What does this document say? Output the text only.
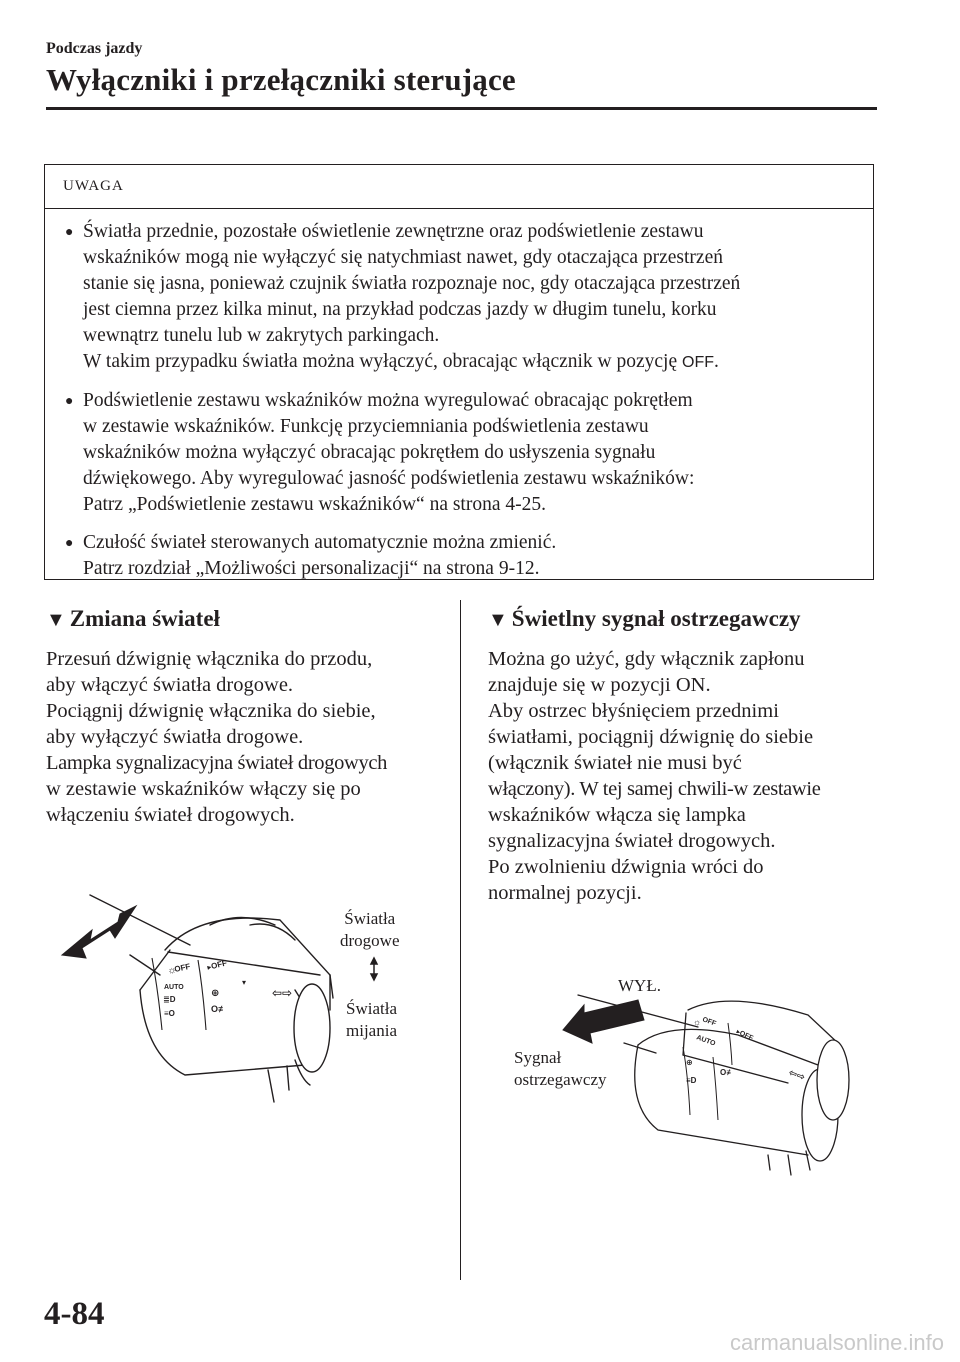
Podczas jazdy
Wyłączniki i przełączniki sterujące
UWAGA
● Światła przednie, pozostałe oświetlenie zewnętrzne oraz podświetlenie zestawu
wskaźników mogą nie wyłączyć się natychmiast nawet, gdy otaczająca przestrzeń
stanie się jasna, ponieważ czujnik światła rozpoznaje noc, gdy otaczająca przestrzeń
jest ciemna przez kilka minut, na przykład podczas jazdy w długim tunelu, korku
wewnątrz tunelu lub w zakrytych parkingach.
W takim przypadku światła można wyłączyć, obracając włącznik w pozycję OFF.
● Podświetlenie zestawu wskaźników można wyregulować obracając pokrętłem
w zestawie wskaźników. Funkcję przyciemniania podświetlenia zestawu
wskaźników można wyłączyć obracając pokrętłem do usłyszenia sygnału
dźwiękowego. Aby wyregulować jasność podświetlenia zestawu wskaźników:
Patrz „Podświetlenie zestawu wskaźników“ na strona 4-25.
● Czułość świateł sterowanych automatycznie można zmienić.
Patrz rozdział „Możliwości personalizacji“ na strona 9-12.
▼ Zmiana świateł
Przesuń dźwignię włącznika do przodu,
aby włączyć światła drogowe.
Pociągnij dźwignię włącznika do siebie,
aby wyłączyć światła drogowe.
Lampka sygnalizacyjna świateł drogowych
w zestawie wskaźników włączy się po
włączeniu świateł drogowych.
▼ Świetlny sygnał ostrzegawczy
Można go użyć, gdy włącznik zapłonu
znajduje się w pozycji ON.
Aby ostrzec błyśnięciem przednimi
światłami, pociągnij dźwignię do siebie
(włącznik świateł nie musi być
włączony). W tej samej chwili-w zestawie
wskaźników włącza się lampka
sygnalizacyjna świateł drogowych.
Po zwolnieniu dźwignia wróci do
normalnej pozycji.
☼
OFF
AUTO
≣D
≡O
▸OFF
⊕
O≢
▾
⇦⇨
Światła
drogowe
Światła
mijania	☼ OFF
AUTO	▸OFF
⊕
≡D
O≢	⇦⇨
WYŁ.
Sygnał
ostrzegawczy
4-84
carmanualsonline.info
